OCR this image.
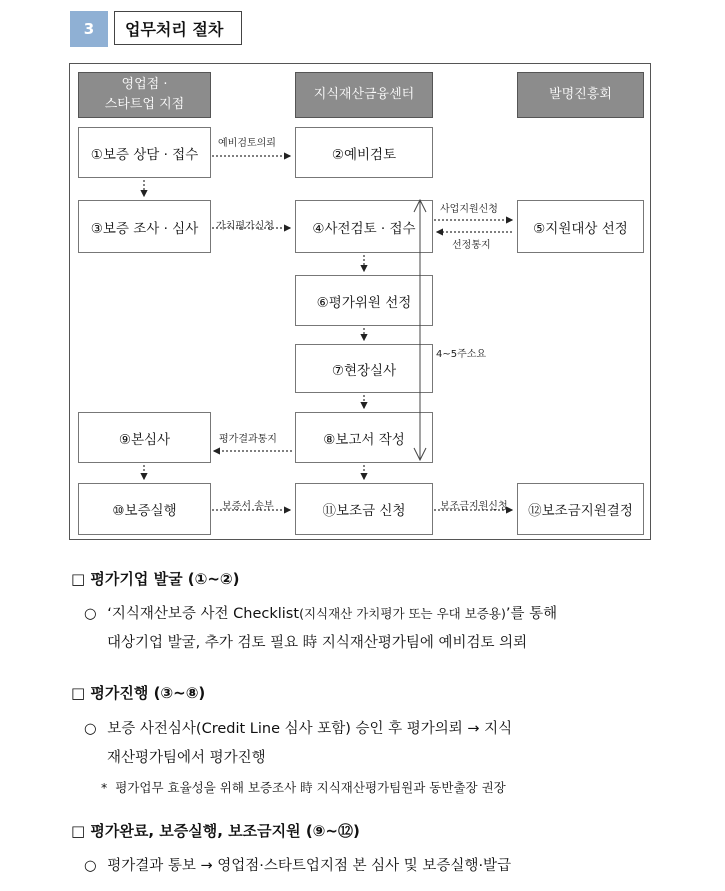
3	업무처리 절차
영업점 ·
스타트업 지점
지식재산금융센터	발명진흥회
①보증 상담 · 접수	②예비검토
③보증 조사 · 심사	④사전검토 · 접수	⑤지원대상 선정
⑥평가위원 선정
⑦현장실사
⑨본심사	⑧보고서 작성
⑩보증실행	⑪보조금 신청	⑫보조금지원결정
예비검토의뢰
가치평가신청
사업지원신청
선정통지
4~5주소요
평가결과통지
보증서 송부	보조금지원신청
□ 평가기업 발굴 (①~②)
○ ‘지식재산보증 사전 Checklist(지식재산 가치평가 또는 우대 보증용)’를 통해
대상기업 발굴, 추가 검토 필요 時 지식재산평가팀에 예비검토 의뢰
□ 평가진행 (③~⑧)
○ 보증 사전심사(Credit Line 심사 포함) 승인 후 평가의뢰 → 지식
재산평가팀에서 평가진행
* 평가업무 효율성을 위해 보증조사 時 지식재산평가팀원과 동반출장 권장
□ 평가완료, 보증실행, 보조금지원 (⑨~⑫)
○ 평가결과 통보 → 영업점·스타트업지점 본 심사 및 보증실행·발급
